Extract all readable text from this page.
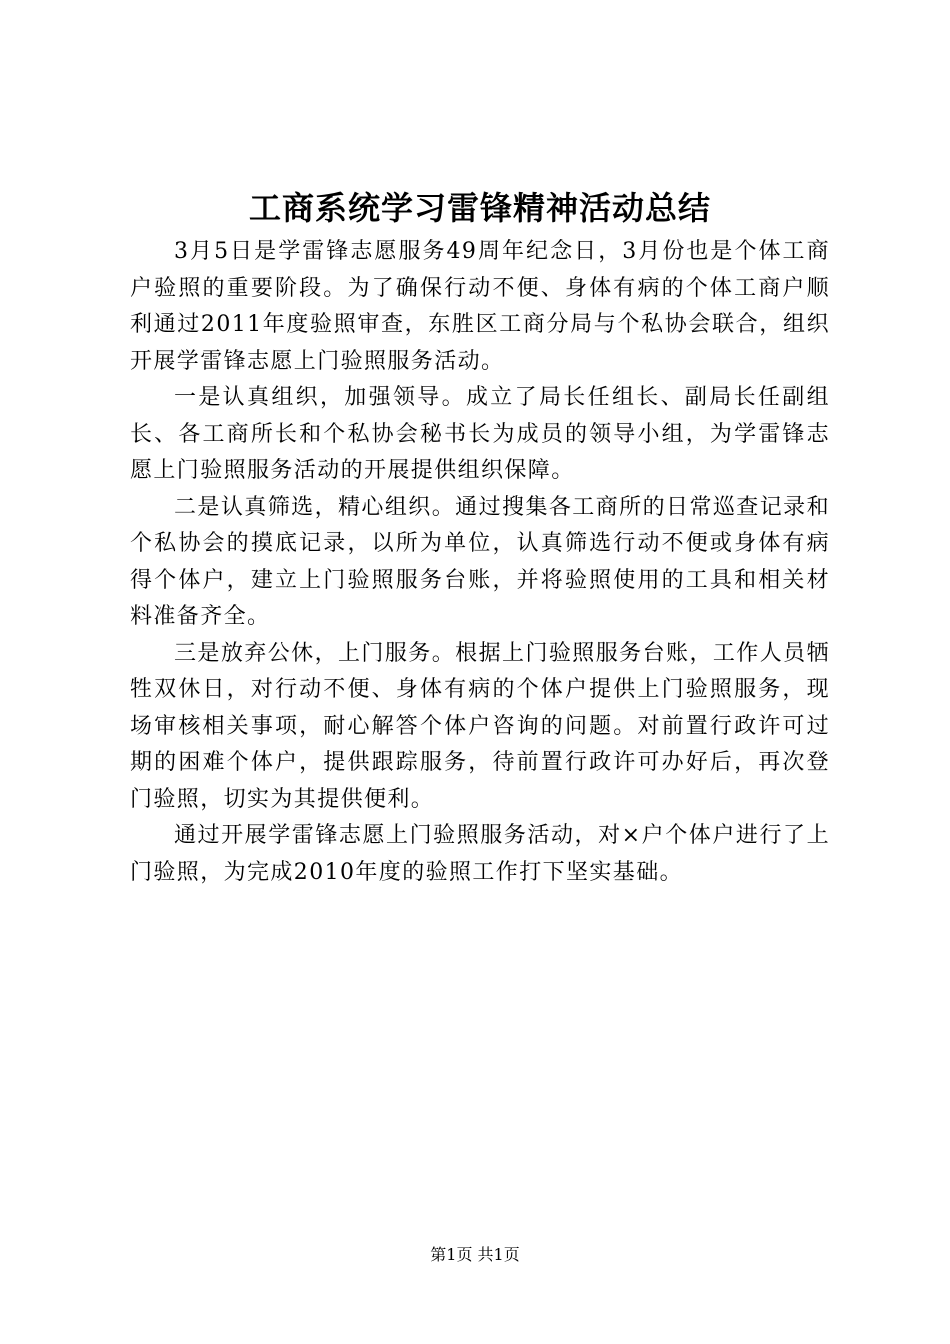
工商系统学习雷锋精神活动总结

3月5日是学雷锋志愿服务49周年纪念日，3月份也是个体工商户验照的重要阶段。为了确保行动不便、身体有病的个体工商户顺利通过2011年度验照审查，东胜区工商分局与个私协会联合，组织开展学雷锋志愿上门验照服务活动。

一是认真组织，加强领导。成立了局长任组长、副局长任副组长、各工商所长和个私协会秘书长为成员的领导小组，为学雷锋志愿上门验照服务活动的开展提供组织保障。

二是认真筛选，精心组织。通过搜集各工商所的日常巡查记录和个私协会的摸底记录，以所为单位，认真筛选行动不便或身体有病得个体户，建立上门验照服务台账，并将验照使用的工具和相关材料准备齐全。

三是放弃公休，上门服务。根据上门验照服务台账，工作人员牺牲双休日，对行动不便、身体有病的个体户提供上门验照服务，现场审核相关事项，耐心解答个体户咨询的问题。对前置行政许可过期的困难个体户，提供跟踪服务，待前置行政许可办好后，再次登门验照，切实为其提供便利。

通过开展学雷锋志愿上门验照服务活动，对×户个体户进行了上门验照，为完成2010年度的验照工作打下坚实基础。

第1页 共1页
